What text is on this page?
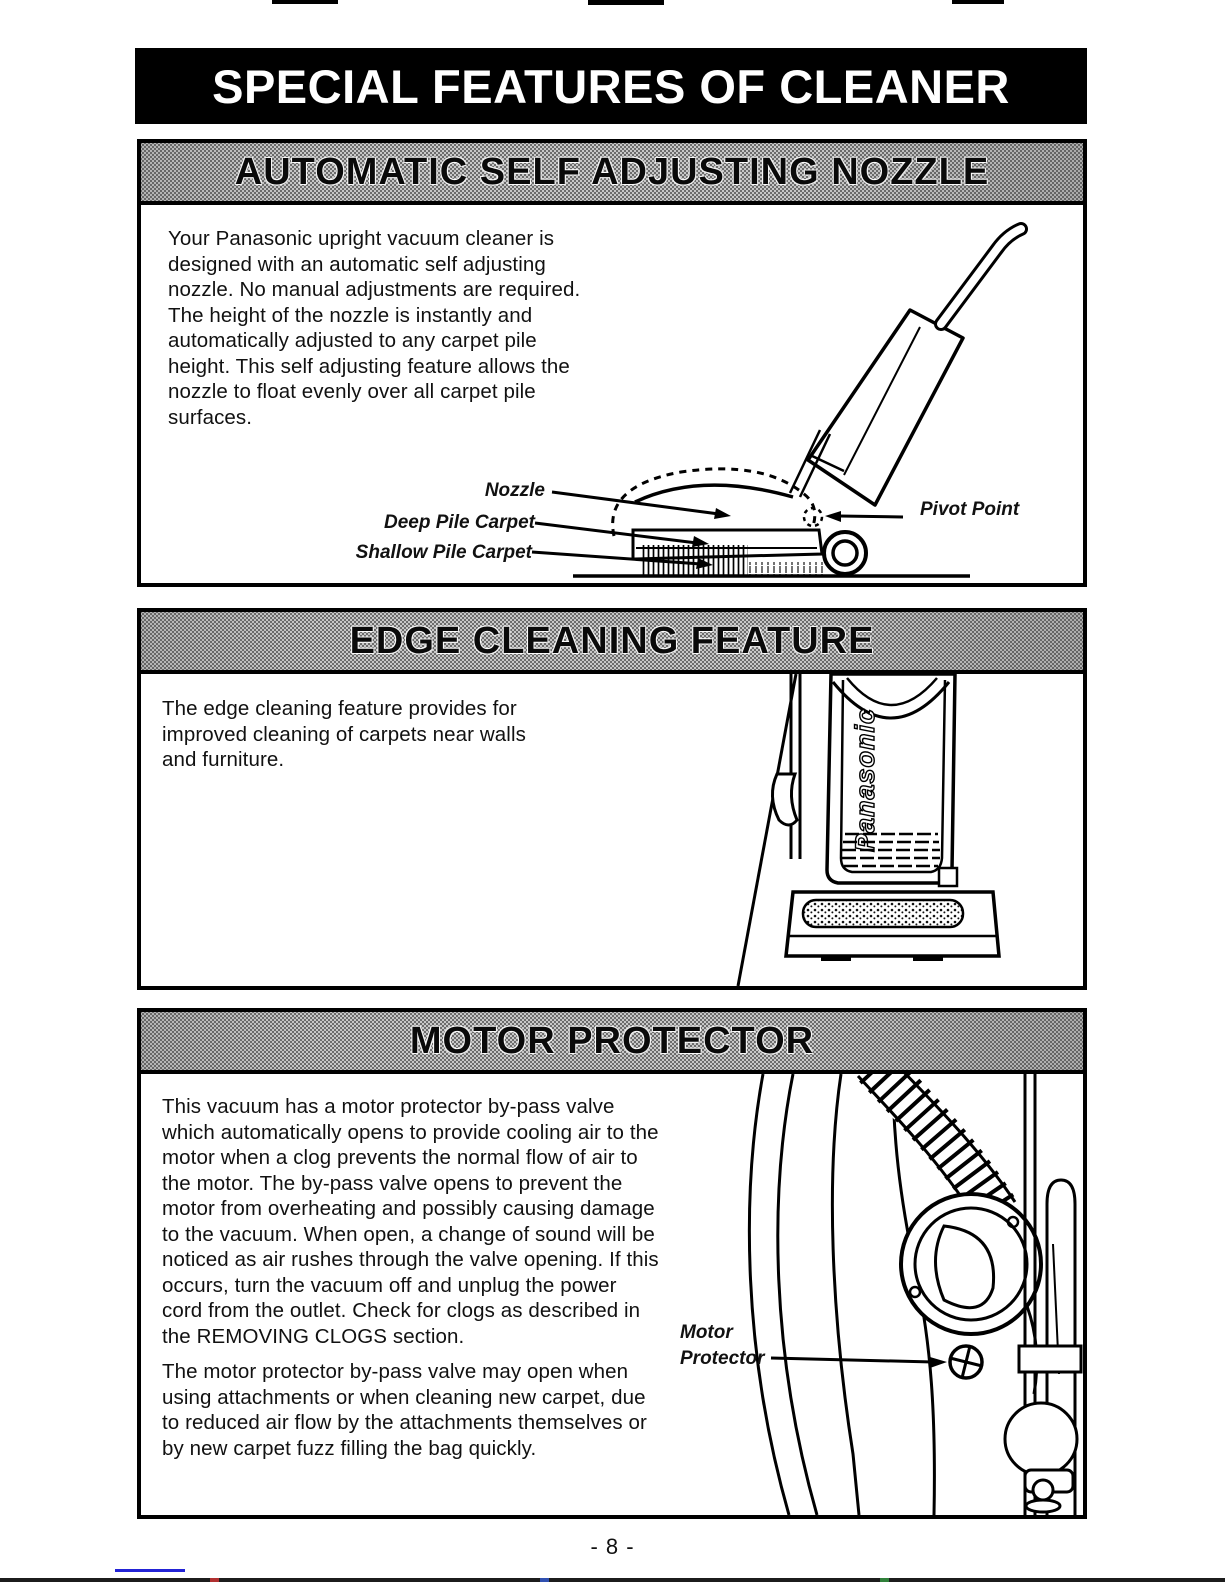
SPECIAL FEATURES OF CLEANER
AUTOMATIC SELF ADJUSTING NOZZLE

Your Panasonic upright vacuum cleaner is designed with an automatic self adjusting nozzle. No manual adjustments are required. The height of the nozzle is instantly and automatically adjusted to any carpet pile height. This self adjusting feature allows the nozzle to float evenly over all carpet pile surfaces.

Nozzle
Deep Pile Carpet
Shallow Pile Carpet
Pivot Point
EDGE CLEANING FEATURE

The edge cleaning feature provides for improved cleaning of carpets near walls and furniture.	Panasonic
MOTOR PROTECTOR

This vacuum has a motor protector by-pass valve which automatically opens to provide cooling air to the motor when a clog prevents the normal flow of air to the motor. The by-pass valve opens to prevent the motor from overheating and possibly causing damage to the vacuum. When open, a change of sound will be noticed as air rushes through the valve opening. If this occurs, turn the vacuum off and unplug the power cord from the outlet. Check for clogs as described in the REMOVING CLOGS section.

The motor protector by-pass valve may open when using attachments or when cleaning new carpet, due to reduced air flow by the attachments themselves or by new carpet fuzz filling the bag quickly.

Motor Protector
- 8 -
